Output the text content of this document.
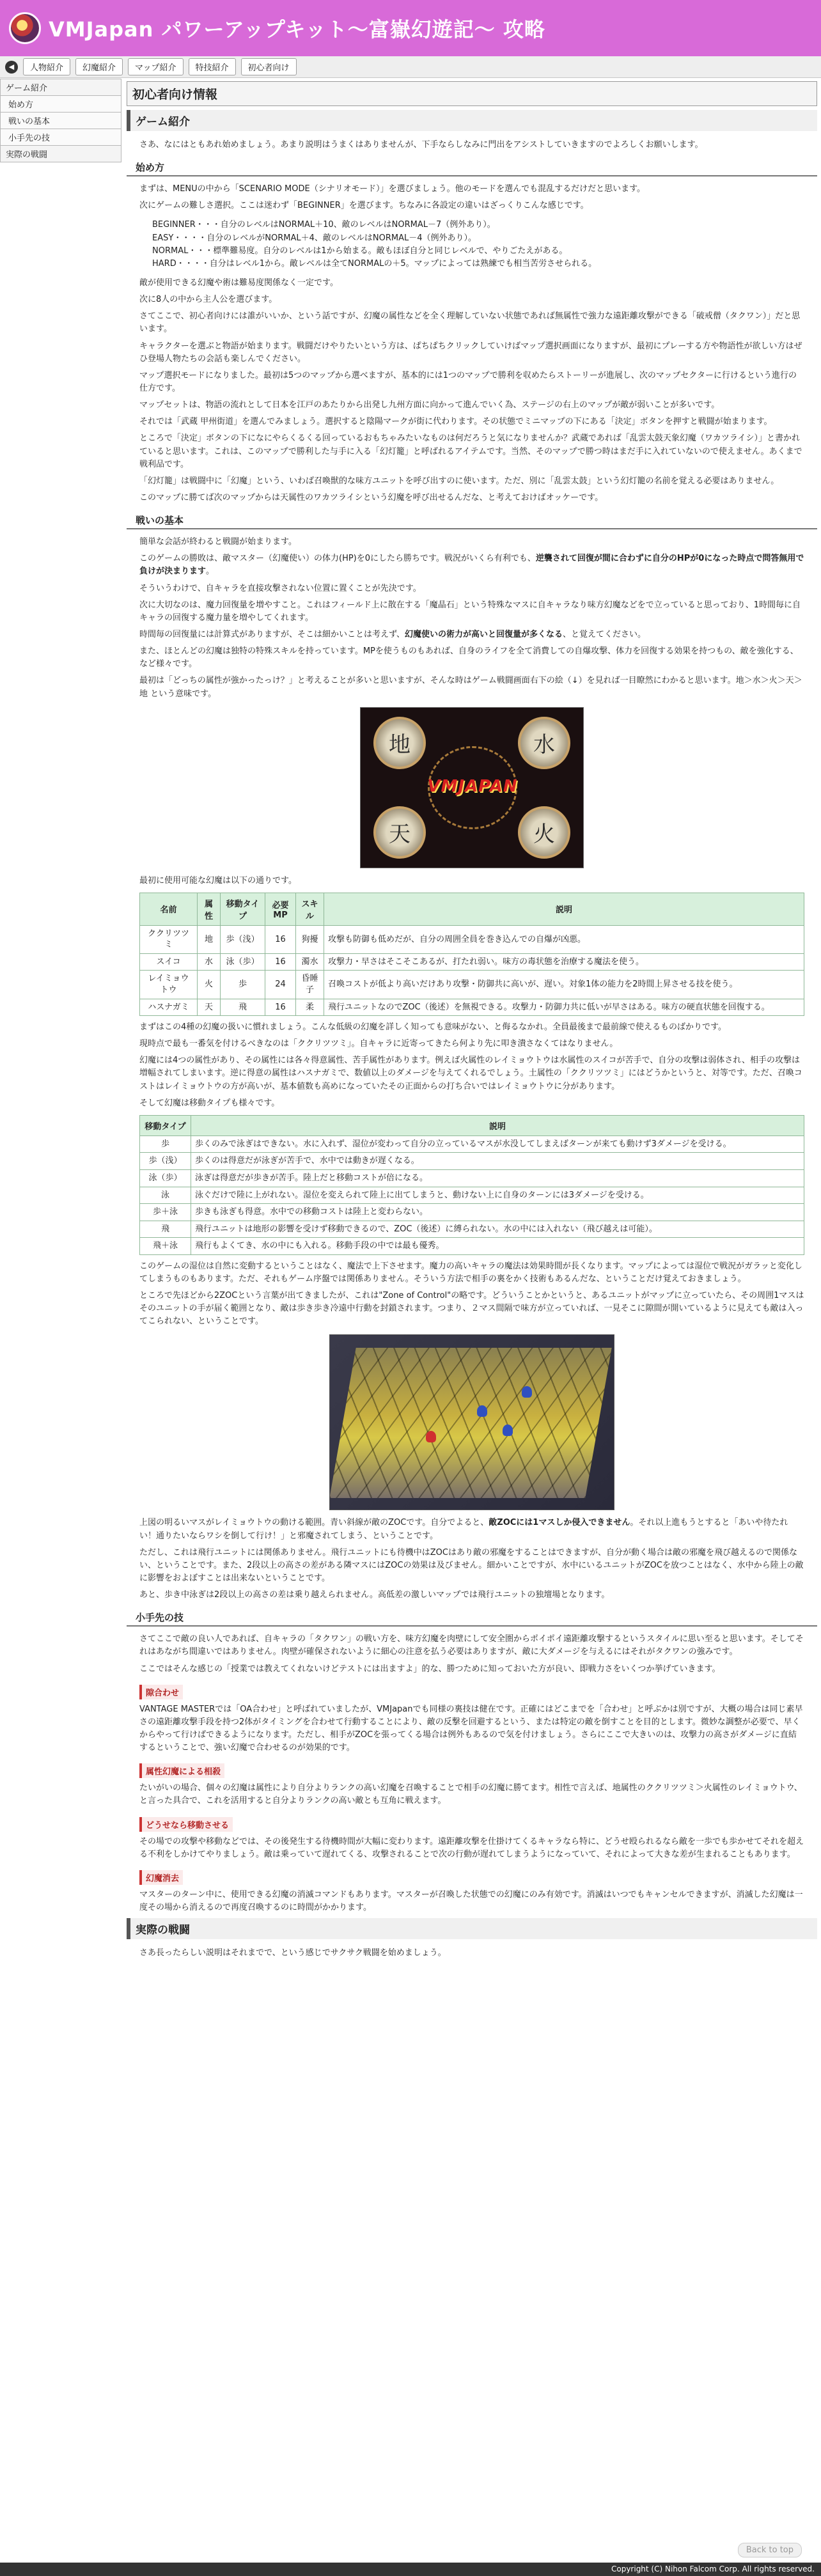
VMJapan パワーアップキット～富嶽幻遊記～ 攻略
◀	人物紹介	幻魔紹介	マップ紹介	特技紹介	初心者向け
ゲーム紹介
始め方
戦いの基本
小手先の技
実際の戦闘
初心者向け情報
ゲーム紹介
さあ、なにはともあれ始めましょう。あまり説明はうまくはありませんが、下手ならしなみに門出をアシストしていきますのでよろしくお願いします。
始め方
まずは、MENUの中から「SCENARIO MODE（シナリオモード）」を選びましょう。他のモードを選んでも混乱するだけだと思います。
次にゲームの難しさ選択。ここは迷わず「BEGINNER」を選びます。ちなみに各設定の違いはざっくりこんな感じです。
BEGINNER・・・自分のレベルはNORMAL＋10、敵のレベルはNORMAL－7（例外あり）。
EASY・・・・自分のレベルがNORMAL＋4、敵のレベルはNORMAL－4（例外あり）。
NORMAL・・・標準難易度。自分のレベルは1から始まる。敵もほぼ自分と同じレベルで、やりごたえがある。
HARD・・・・自分はレベル1から。敵レベルは全てNORMALの＋5。マップによっては熟練でも相当苦労させられる。
敵が使用できる幻魔や術は難易度関係なく一定です。
次に8人の中から主人公を選びます。
さてここで、初心者向けには誰がいいか、という話ですが、幻魔の属性などを全く理解していない状態であれば無属性で強力な遠距離攻撃ができる「破戒僧（タクワン）」だと思います。
キャラクターを選ぶと物語が始まります。戦闘だけやりたいという方は、ぱちぱちクリックしていけばマップ選択画面になりますが、最初にプレーする方や物語性が欲しい方はぜひ登場人物たちの会話も楽しんでください。
マップ選択モードになりました。最初は5つのマップから選べますが、基本的には1つのマップで勝利を収めたらストーリーが進展し、次のマップセクターに行けるという進行の仕方です。
マップセットは、物語の流れとして日本を江戸のあたりから出発し九州方面に向かって進んでいく為、ステージの右上のマップが敵が弱いことが多いです。
それでは「武蔵 甲州街道」を選んでみましょう。選択すると陰陽マークが街に代わります。その状態でミニマップの下にある「決定」ボタンを押すと戦闘が始まります。
ところで「決定」ボタンの下になにやらくるくる回っているおもちゃみたいなものは何だろうと気になりませんか？武蔵であれば「乱雲太鼓天象幻魔（ワカツライシ）」と書かれていると思います。これは、このマップで勝利した与手に入る「幻灯籠」と呼ばれるアイテムです。当然、そのマップで勝つ時はまだ手に入れていないので使えません。あくまで戦利品です。
「幻灯籠」は戦闘中に「幻魔」という、いわば召喚獣的な味方ユニットを呼び出すのに使います。ただ、別に「乱雲太鼓」という幻灯籠の名前を覚える必要はありません。
このマップに勝てば次のマップからは天属性のワカツライシという幻魔を呼び出せるんだな、と考えておけばオッケーです。
戦いの基本
簡単な会話が終わると戦闘が始まります。
このゲームの勝敗は、敵マスター（幻魔使い）の体力(HP)を0にしたら勝ちです。戦況がいくら有利でも、逆襲されて回復が間に合わずに自分のHPが0になった時点で問答無用で負けが決まります。
そういうわけで、自キャラを直接攻撃されない位置に置くことが先決です。
次に大切なのは、魔力回復量を増やすこと。これはフィールド上に散在する「魔晶石」という特殊なマスに自キャラなり味方幻魔などをで立っていると思っており、1時間毎に自キャラの回復する魔力量を増やしてくれます。
時間毎の回復量には計算式がありますが、そこは細かいことは考えず、幻魔使いの術力が高いと回復量が多くなる、と覚えてください。
また、ほとんどの幻魔は独特の特殊スキルを持っています。MPを使うものもあれば、自身のライフを全て消費しての自爆攻撃、体力を回復する効果を持つもの、敵を強化する、など様々です。
最初は「どっちの属性が強かったっけ？」と考えることが多いと思いますが、そんな時はゲーム戦闘画面右下の絵（↓）を見れば一目瞭然にわかると思います。地＞水＞火＞天＞地 という意味です。
地	水
天	火
VMJAPAN
最初に使用可能な幻魔は以下の通りです。
名前	属性	移動タイプ	必要MP	スキル	説明
ククリツツミ	地	歩（浅）	16	狗擾	攻撃も防御も低めだが、自分の周囲全員を巻き込んでの自爆が凶悪。
スイコ	水	泳（歩）	16	濁水	攻撃力・早さはそこそこあるが、打たれ弱い。味方の毒状態を治療する魔法を使う。
レイミョウトウ	火	歩	24	昏睡 子	召喚コストが低より高いだけあり攻撃・防御共に高いが、遅い。対象1体の能力を2時間上昇させる技を使う。
ハスナガミ	天	飛	16	柔	飛行ユニットなのでZOC（後述）を無視できる。攻撃力・防御力共に低いが早さはある。味方の硬直状態を回復する。
まずはこの4種の幻魔の扱いに慣れましょう。こんな低級の幻魔を詳しく知っても意味がない、と侮るなかれ。全員最後まで最前線で使えるものばかりです。
現時点で最も一番気を付けるべきなのは「ククリツツミ」。自キャラに近寄ってきたら何より先に叩き潰さなくてはなりません。
幻魔には4つの属性があり、その属性には各々得意属性、苦手属性があります。例えば火属性のレイミョウトウは水属性のスイコが苦手で、自分の攻撃は弱体され、相手の攻撃は増幅されてしまいます。逆に得意の属性はハスナガミで、数値以上のダメージを与えてくれるでしょう。土属性の「ククリツツミ」にはどうかというと、対等です。ただ、召喚コストはレイミョウトウの方が高いが、基本値数も高めになっていたその正面からの打ち合いではレイミョウトウに分があります。
そして幻魔は移動タイプも様々です。
移動タイプ	説明
歩	歩くのみで泳ぎはできない。水に入れず、湿位が変わって自分の立っているマスが水没してしまえばターンが来ても動けず3ダメージを受ける。
歩（浅）	歩くのは得意だが泳ぎが苦手で、水中では動きが遅くなる。
泳（歩）	泳ぎは得意だが歩きが苦手。陸上だと移動コストが倍になる。
泳	泳ぐだけで陸に上がれない。湿位を変えられて陸上に出てしまうと、動けない上に自身のターンには3ダメージを受ける。
歩＋泳	歩きも泳ぎも得意。水中での移動コストは陸上と変わらない。
飛	飛行ユニットは地形の影響を受けず移動できるので、ZOC（後述）に縛られない。水の中には入れない（飛び越えは可能）。
飛＋泳	飛行もよくてき、水の中にも入れる。移動手段の中では最も優秀。
このゲームの湿位は自然に変動するということはなく、魔法で上下させます。魔力の高いキャラの魔法は効果時間が長くなります。マップによっては湿位で戦況がガラッと変化してしまうものもあります。ただ、それもゲーム序盤では関係ありません。そういう方法で相手の裏をかく技術もあるんだな、ということだけ覚えておきましょう。
ところで先ほどから2ZOCという言葉が出てきましたが、これは"Zone of Control"の略です。どういうことかというと、あるユニットがマップに立っていたら、その周囲1マスはそのユニットの手が届く範囲となり、敵は歩き歩き冷遠中行動を封鎖されます。つまり、２マス間隔で味方が立っていれば、一見そこに隙間が開いているように見えても敵は入ってこられない、ということです。
上図の明るいマスがレイミョウトウの動ける範囲。青い斜線が敵のZOCです。自分でよると、敵ZOCには1マスしか侵入できません。それ以上進もうとすると「あいや待たれい！通りたいならワシを倒して行け！」と邪魔されてしまう、ということです。
ただし、これは飛行ユニットには関係ありません。飛行ユニットにも待機中はZOCはあり敵の邪魔をすることはできますが、自分が動く場合は敵の邪魔を飛び越えるので関係ない、ということです。また、2段以上の高さの差がある隣マスにはZOCの効果は及びません。細かいことですが、水中にいるユニットがZOCを放つことはなく、水中から陸上の敵に影響をおよぼすことは出来ないということです。
あと、歩き中泳ぎは2段以上の高さの差は乗り越えられません。高低差の激しいマップでは飛行ユニットの独壇場となります。
小手先の技
さてここで敵の良い人であれば、自キャラの「タクワン」の戦い方を、味方幻魔を肉壁にして安全圏からポイポイ遠距離攻撃するというスタイルに思い至ると思います。そしてそれはあながち間違いではありません。肉壁が確保されないように細心の注意を払う必要はありますが、敵に大ダメージを与えるにはそれがタクワンの強みです。
ここではそんな感じの「授業では教えてくれないけどテストには出ますよ」的な、勝つために知っておいた方が良い、即戦力さをいくつか挙げていきます。
隙合わせ
VANTAGE MASTERでは「OA合わせ」と呼ばれていましたが、VMJapanでも同様の裏技は健在です。正確にはどこまでを「合わせ」と呼ぶかは別ですが、大概の場合は同じ素早さの遠距離攻撃手段を持つ2体がタイミングを合わせて行動することにより、敵の反撃を回避するという、または特定の敵を倒すことを目的とします。微妙な調整が必要で、早くからやって行けばできるようになります。ただし、相手がZOCを張ってくる場合は例外もあるので気を付けましょう。さらにここで大きいのは、攻撃力の高さがダメージに直結するということで、強い幻魔で合わせるのが効果的です。
属性幻魔による相殺
たいがいの場合、個々の幻魔は属性により自分よりランクの高い幻魔を召喚することで相手の幻魔に勝てます。相性で言えば、地属性のククリツツミ＞火属性のレイミョウトウ、と言った具合で、これを活用すると自分よりランクの高い敵とも互角に戦えます。
どうせなら移動させる
その場での攻撃や移動などでは、その後発生する待機時間が大幅に変わります。遠距離攻撃を仕掛けてくるキャラなら特に、どうせ殴られるなら敵を一歩でも歩かせてそれを超える不利をしかけてやりましょう。敵は乗っていて遅れてくる、攻撃されることで次の行動が遅れてしまうようになっていて、それによって大きな差が生まれることもあります。
幻魔消去
マスターのターン中に、使用できる幻魔の消滅コマンドもあります。マスターが召喚した状態での幻魔にのみ有効です。消滅はいつでもキャンセルできますが、消滅した幻魔は一度その場から消えるので再度召喚するのに時間がかかります。
実際の戦闘
さあ長ったらしい説明はそれまでで、という感じでサクサク戦闘を始めましょう。
Back to top
Copyright (C) Nihon Falcom Corp. All rights reserved.
